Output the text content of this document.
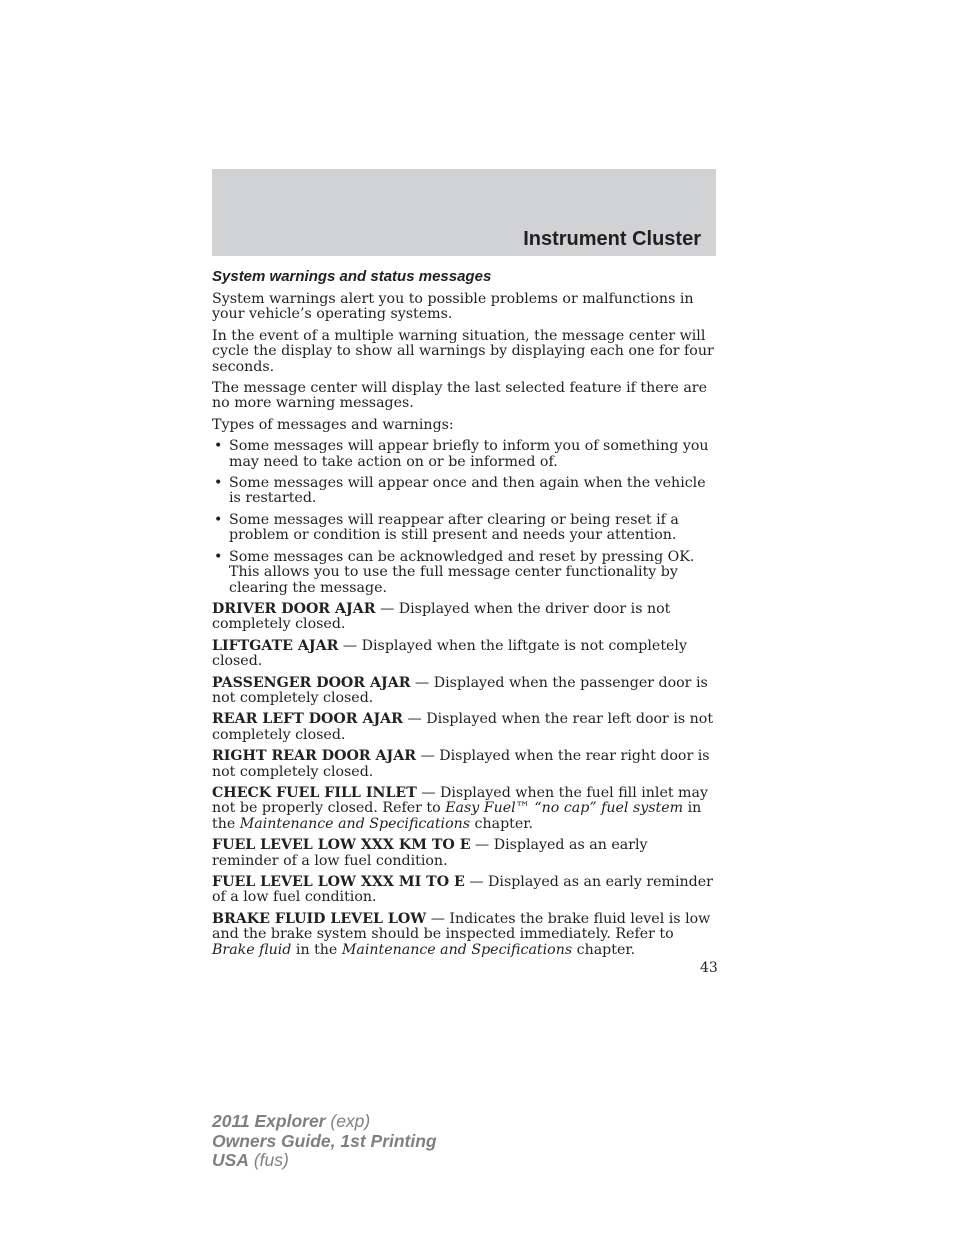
Instrument Cluster
System warnings and status messages

System warnings alert you to possible problems or malfunctions in your vehicle’s operating systems.

In the event of a multiple warning situation, the message center will cycle the display to show all warnings by displaying each one for four seconds.

The message center will display the last selected feature if there are no more warning messages.

Types of messages and warnings:

• Some messages will appear briefly to inform you of something you may need to take action on or be informed of.
• Some messages will appear once and then again when the vehicle is restarted.
• Some messages will reappear after clearing or being reset if a problem or condition is still present and needs your attention.
• Some messages can be acknowledged and reset by pressing OK. This allows you to use the full message center functionality by clearing the message.

DRIVER DOOR AJAR — Displayed when the driver door is not completely closed.

LIFTGATE AJAR — Displayed when the liftgate is not completely closed.

PASSENGER DOOR AJAR — Displayed when the passenger door is not completely closed.

REAR LEFT DOOR AJAR — Displayed when the rear left door is not completely closed.

RIGHT REAR DOOR AJAR — Displayed when the rear right door is not completely closed.

CHECK FUEL FILL INLET — Displayed when the fuel fill inlet may not be properly closed. Refer to Easy Fuel™ “no cap” fuel system in the Maintenance and Specifications chapter.

FUEL LEVEL LOW XXX KM TO E — Displayed as an early reminder of a low fuel condition.

FUEL LEVEL LOW XXX MI TO E — Displayed as an early reminder of a low fuel condition.

BRAKE FLUID LEVEL LOW — Indicates the brake fluid level is low and the brake system should be inspected immediately. Refer to Brake fluid in the Maintenance and Specifications chapter.

43
2011 Explorer (exp)
Owners Guide, 1st Printing
USA (fus)
